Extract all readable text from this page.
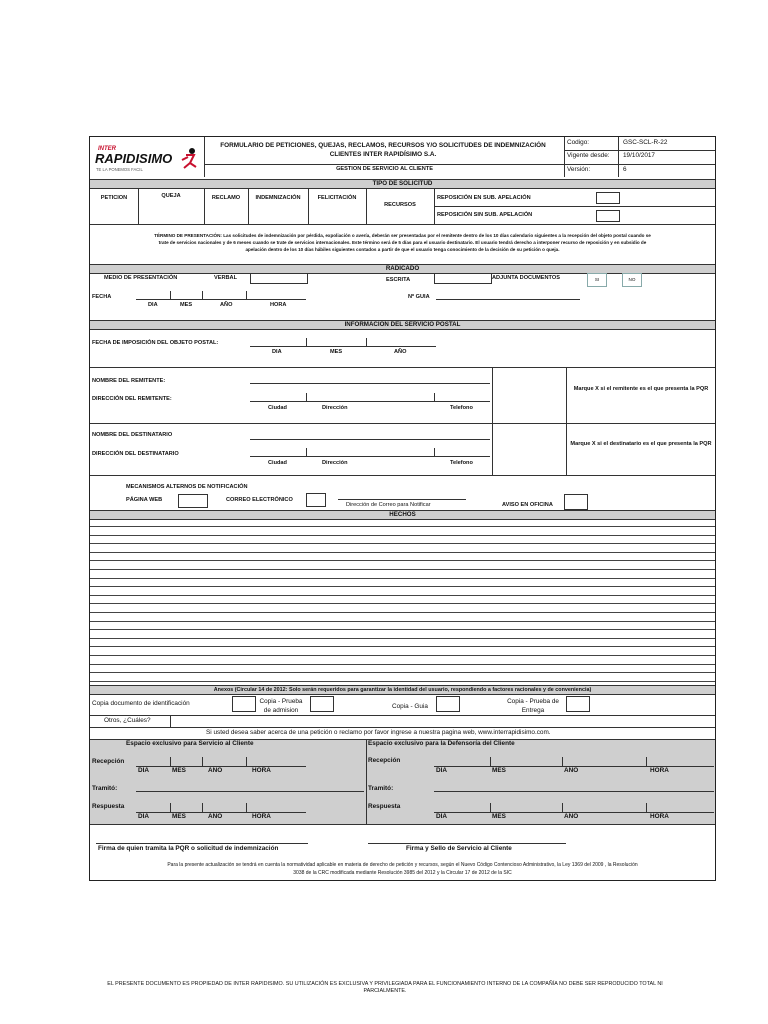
INTER
RAPIDISIMO
TE LA PONEMOS FACIL
FORMULARIO DE PETICIONES, QUEJAS, RECLAMOS, RECURSOS Y/O SOLICITUDES DE INDEMNIZACIÓN CLIENTES INTER RAPIDÍSIMO S.A.
GESTION DE SERVICIO AL CLIENTE
Codigo:	GSC-SCL-R-22
Vigente desde: 19/10/2017
Versión:	6
TIPO DE SOLICITUD
PETICION	QUEJA	RECLAMO	INDEMNIZACIÓN	FELICITACIÓN
RECURSOS
REPOSICIÓN EN SUB. APELACIÓN
REPOSICIÓN SIN SUB. APELACIÓN
TÉRMINO DE PRESENTACIÓN: Las solicitudes de indemnización por pérdida, expoliación o avería, deberán ser presentadas por el remitente dentro de los 10 días calendario siguientes a la recepción del objeto postal cuando se
trate de servicios nacionales y de 6 meses cuando se trate de servicios internacionales. Este término será de 5 días para el usuario destinatario. El usuario tendrá derecho a interponer recurso de reposición y en subsidio de
apelación dentro de los 10 días hábiles siguientes contados a partir de que el usuario tenga conocimiento de la decisión de su petición o queja.
RADICADO
MEDIO DE PRESENTACIÓN	VERBAL	ESCRITA	ADJUNTA DOCUMENTOS	SI	NO
FECHA
DIA	MES	AÑO	HORA
Nº GUIA
INFORMACION DEL SERVICIO POSTAL
FECHA DE IMPOSICIÓN DEL OBJETO POSTAL:
DIA	MES	AÑO
NOMBRE DEL REMITENTE:
DIRECCIÓN DEL REMITENTE:
Ciudad	Dirección	Telefono
Marque X si el remitente es el que presenta la PQR
NOMBRE DEL DESTINATARIO
DIRECCIÓN DEL DESTINATARIO
Ciudad	Dirección	Telefono
Marque X si el destinatario es el que presenta la PQR
MECANISMOS ALTERNOS DE NOTIFICACIÓN
PÁGINA WEB	CORREO ELECTRÓNICO
Dirección de Correo para Notificar	AVISO EN OFICINA
HECHOS
Anexos (Circular 14 de 2012: Solo serán requeridos para garantizar la identidad del usuario, respondiendo a factores racionales y de conveniencia)
Copia documento de identificación	Copia - Prueba
de admision
Copia - Guia
Copia - Prueba de
Entrega
Otros, ¿Cuáles?
Si usted desea saber acerca de una petición o reclamo por favor ingrese a nuestra pagina web, www.interrapidisimo.com.
Espacio exclusivo para Servicio al Cliente	Espacio exclusivo para la Defensoría del Cliente
Recepción
DIA	MES	ANO	HORA
Tramitó:
Respuesta
DIA	MES	ANO	HORA
Recepción
DIA	MES	ANO	HORA
Tramitó:
Respuesta
DIA	MES	ANO	HORA
Firma de quien tramita la PQR o solicitud de indemnización	Firma y Sello de Servicio al Cliente
Para la presente actualización se tendrá en cuenta la normatividad aplicable en materia de derecho de petición y recursos, según el Nuevo Código Contencioso Administrativo, la Ley 1369 del 2009 , la Resolución
3038 de la CRC modificada mediante Resolución 3985 del 2012 y la Circular 17 de 2012 de la SIC
EL PRESENTE DOCUMENTO ES PROPIEDAD DE INTER RAPIDISIMO. SU UTILIZACIÓN ES EXCLUSIVA Y PRIVILEGIADA PARA EL FUNCIONAMIENTO INTERNO DE LA COMPAÑÍA NO DEBE SER REPRODUCIDO TOTAL NI
PARCIALMENTE.
